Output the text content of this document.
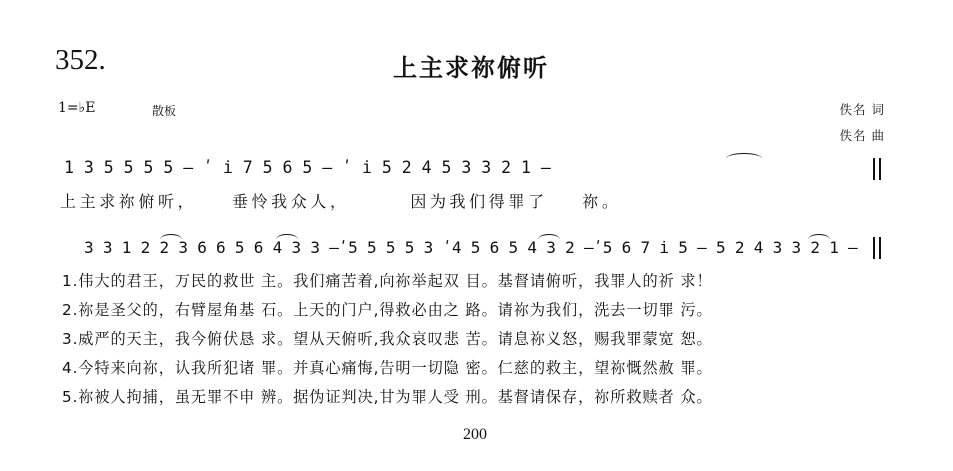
352.	上主求祢俯听
1=♭E	散板	佚名 词
佚名 曲
1 3 5 5 5 5 – ʹ i̇ 7 5 6 5 – ʹ i̇ 5 2 4 5 3 3 2 1 –
上主求祢俯听，    垂怜我众人，       因为我们得罪了    祢。
3 3 1 2 2 3 6 6 5 6 4 3 3 –ʹ5 5 5 5 3 ʹ4 5 6 5 4 3 2 –ʹ5 6 7 i̇ 5 – 5 2 4 3 3 2 1 –
1.伟大的君王，万民的救世 主。我们痛苦着,向祢举起双 目。基督请俯听，我罪人的祈 求！
2.祢是圣父的，右臂屋角基 石。上天的门户,得救必由之 路。请祢为我们，洗去一切罪 污。
3.威严的天主，我今俯伏恳 求。望从天俯听,我众哀叹悲 苦。请息祢义怒，赐我罪蒙宽 恕。
4.今特来向祢，认我所犯诸 罪。并真心痛悔,告明一切隐 密。仁慈的救主，望祢慨然赦 罪。
5.祢被人拘捕，虽无罪不申 辨。据伪证判决,甘为罪人受 刑。基督请保存，祢所救赎者 众。
200
